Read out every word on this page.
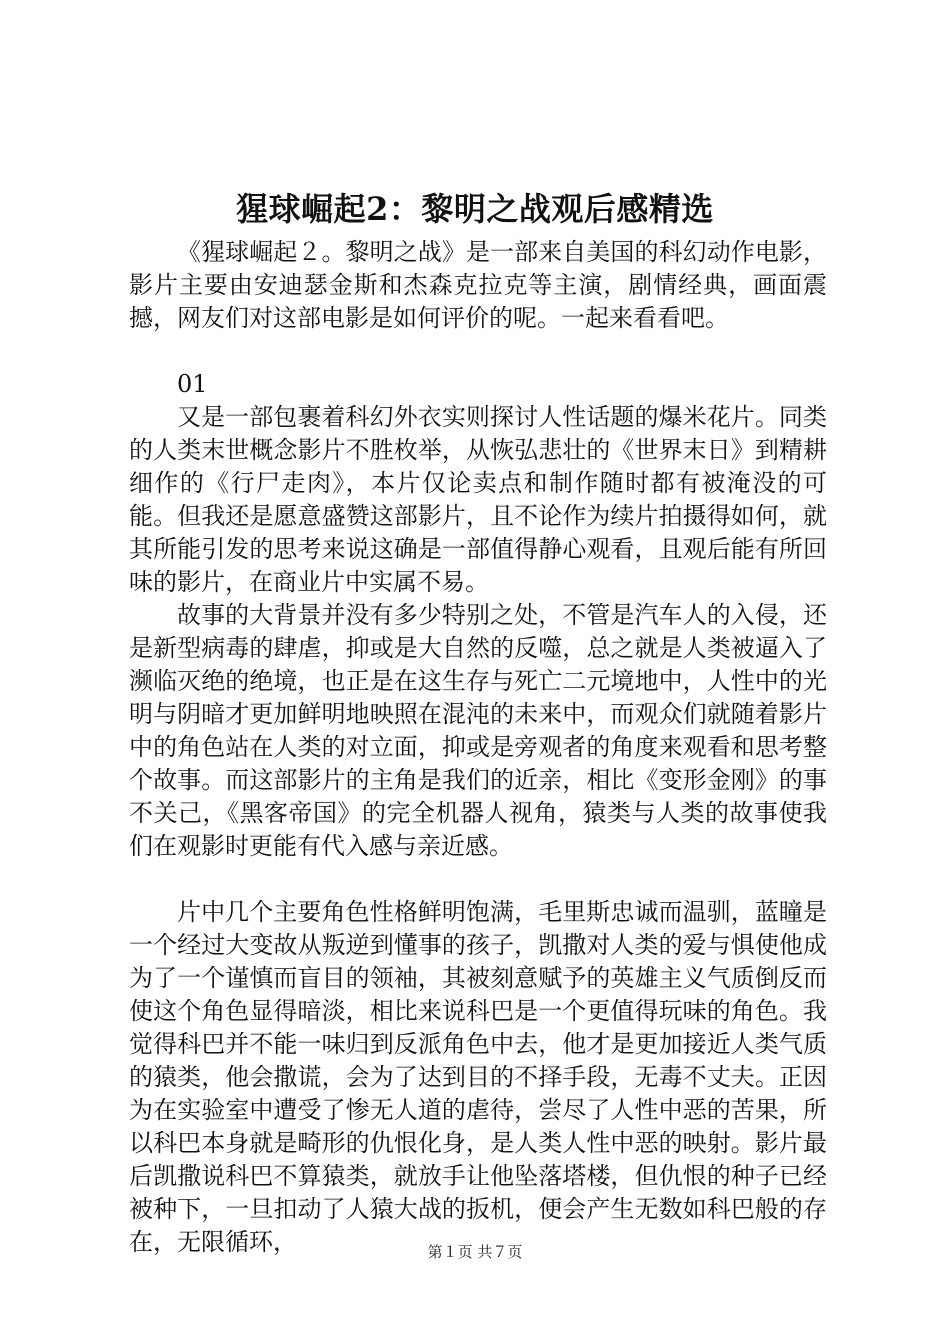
猩球崛起2：黎明之战观后感精选

《猩球崛起２。黎明之战》是一部来自美国的科幻动作电影，影片主要由安迪瑟金斯和杰森克拉克等主演，剧情经典，画面震撼，网友们对这部电影是如何评价的呢。一起来看看吧。

01

又是一部包裹着科幻外衣实则探讨人性话题的爆米花片。同类的人类末世概念影片不胜枚举，从恢弘悲壮的《世界末日》到精耕细作的《行尸走肉》，本片仅论卖点和制作随时都有被淹没的可能。但我还是愿意盛赞这部影片，且不论作为续片拍摄得如何，就其所能引发的思考来说这确是一部值得静心观看，且观后能有所回味的影片，在商业片中实属不易。

故事的大背景并没有多少特别之处，不管是汽车人的入侵，还是新型病毒的肆虐，抑或是大自然的反噬，总之就是人类被逼入了濒临灭绝的绝境，也正是在这生存与死亡二元境地中，人性中的光明与阴暗才更加鲜明地映照在混沌的未来中，而观众们就随着影片中的角色站在人类的对立面，抑或是旁观者的角度来观看和思考整个故事。而这部影片的主角是我们的近亲，相比《变形金刚》的事不关己，《黑客帝国》的完全机器人视角，猿类与人类的故事使我们在观影时更能有代入感与亲近感。

片中几个主要角色性格鲜明饱满，毛里斯忠诚而温驯，蓝瞳是一个经过大变故从叛逆到懂事的孩子，凯撒对人类的爱与惧使他成为了一个谨慎而盲目的领袖，其被刻意赋予的英雄主义气质倒反而使这个角色显得暗淡，相比来说科巴是一个更值得玩味的角色。我觉得科巴并不能一味归到反派角色中去，他才是更加接近人类气质的猿类，他会撒谎，会为了达到目的不择手段，无毒不丈夫。正因为在实验室中遭受了惨无人道的虐待，尝尽了人性中恶的苦果，所以科巴本身就是畸形的仇恨化身，是人类人性中恶的映射。影片最后凯撒说科巴不算猿类，就放手让他坠落塔楼，但仇恨的种子已经被种下，一旦扣动了人猿大战的扳机，便会产生无数如科巴般的存在，无限循环，	第１页 共７页
